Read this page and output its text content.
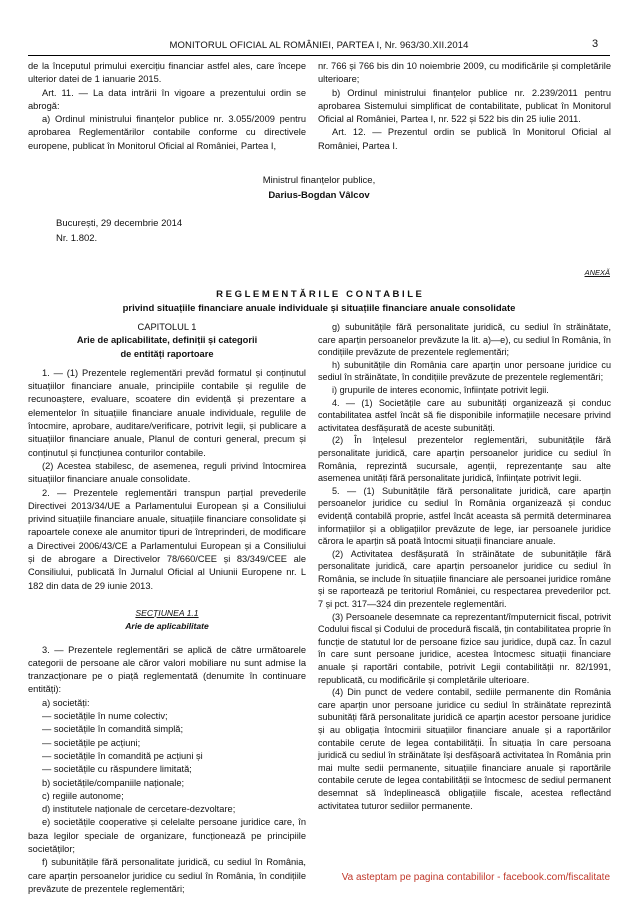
MONITORUL OFICIAL AL ROMÂNIEI, PARTEA I, Nr. 963/30.XII.2014	3

de la începutul primului exercițiu financiar astfel ales, care începe ulterior datei de 1 ianuarie 2015.

Art. 11. — La data intrării în vigoare a prezentului ordin se abrogă:

a) Ordinul ministrului finanțelor publice nr. 3.055/2009 pentru aprobarea Reglementărilor contabile conforme cu directivele europene, publicat în Monitorul Oficial al României, Partea I,

nr. 766 și 766 bis din 10 noiembrie 2009, cu modificările și completările ulterioare;

b) Ordinul ministrului finanțelor publice nr. 2.239/2011 pentru aprobarea Sistemului simplificat de contabilitate, publicat în Monitorul Oficial al României, Partea I, nr. 522 și 522 bis din 25 iulie 2011.

Art. 12. — Prezentul ordin se publică în Monitorul Oficial al României, Partea I.

Ministrul finanțelor publice,
Darius-Bogdan Vâlcov
București, 29 decembrie 2014
Nr. 1.802.
ANEXĂ
R E G L E M E N T Ă R I L E   C O N T A B I L E
privind situațiile financiare anuale individuale și situațiile financiare anuale consolidate

CAPITOLUL 1

Arie de aplicabilitate, definiții și categorii

de entități raportoare

1. — (1) Prezentele reglementări prevăd formatul și conținutul situațiilor financiare anuale, principiile contabile și regulile de recunoaștere, evaluare, scoatere din evidență și prezentare a elementelor în situațiile financiare anuale individuale, regulile de întocmire, aprobare, auditare/verificare, potrivit legii, și publicare a situațiilor financiare anuale, Planul de conturi general, precum și conținutul și funcțiunea conturilor contabile.

(2) Acestea stabilesc, de asemenea, reguli privind întocmirea situațiilor financiare anuale consolidate.

2. — Prezentele reglementări transpun parțial prevederile Directivei 2013/34/UE a Parlamentului European și a Consiliului privind situațiile financiare anuale, situațiile financiare consolidate și rapoartele conexe ale anumitor tipuri de întreprinderi, de modificare a Directivei 2006/43/CE a Parlamentului European și a Consiliului și de abrogare a Directivelor 78/660/CEE și 83/349/CEE ale Consiliului, publicată în Jurnalul Oficial al Uniunii Europene nr. L 182 din data de 29 iunie 2013.

SECȚIUNEA 1.1

Arie de aplicabilitate

3. — Prezentele reglementări se aplică de către următoarele categorii de persoane ale căror valori mobiliare nu sunt admise la tranzacționare pe o piață reglementată (denumite în continuare entități):

a) societăți:

— societățile în nume colectiv;

— societățile în comandită simplă;

— societățile pe acțiuni;

— societățile în comandită pe acțiuni și

— societățile cu răspundere limitată;

b) societățile/companiile naționale;

c) regiile autonome;

d) institutele naționale de cercetare-dezvoltare;

e) societățile cooperative și celelalte persoane juridice care, în baza legilor speciale de organizare, funcționează pe principiile societăților;

f) subunitățile fără personalitate juridică, cu sediul în România, care aparțin persoanelor juridice cu sediul în România, în condițiile prevăzute de prezentele reglementări;

g) subunitățile fără personalitate juridică, cu sediul în străinătate, care aparțin persoanelor prevăzute la lit. a)—e), cu sediul în România, în condițiile prevăzute de prezentele reglementări;

h) subunitățile din România care aparțin unor persoane juridice cu sediul în străinătate, în condițiile prevăzute de prezentele reglementări;

i) grupurile de interes economic, înființate potrivit legii.

4. — (1) Societățile care au subunități organizează și conduc contabilitatea astfel încât să fie disponibile informațiile necesare privind activitatea desfășurată de aceste subunități.

(2) În înțelesul prezentelor reglementări, subunitățile fără personalitate juridică, care aparțin persoanelor juridice cu sediul în România, reprezintă sucursale, agenții, reprezentanțe sau alte asemenea unități fără personalitate juridică, înființate potrivit legii.

5. — (1) Subunitățile fără personalitate juridică, care aparțin persoanelor juridice cu sediul în România organizează și conduc evidență contabilă proprie, astfel încât aceasta să permită determinarea informațiilor și a obligațiilor prevăzute de lege, iar persoanele juridice cărora le aparțin să poată întocmi situații financiare anuale.

(2) Activitatea desfășurată în străinătate de subunitățile fără personalitate juridică, care aparțin persoanelor juridice cu sediul în România, se include în situațiile financiare ale persoanei juridice române și se raportează pe teritoriul României, cu respectarea prevederilor pct. 7 și pct. 317—324 din prezentele reglementări.

(3) Persoanele desemnate ca reprezentant/împuternicit fiscal, potrivit Codului fiscal și Codului de procedură fiscală, țin contabilitatea proprie în funcție de statutul lor de persoane fizice sau juridice, după caz. În cazul în care sunt persoane juridice, acestea întocmesc situații financiare anuale și raportări contabile, potrivit Legii contabilității nr. 82/1991, republicată, cu modificările și completările ulterioare.

(4) Din punct de vedere contabil, sediile permanente din România care aparțin unor persoane juridice cu sediul în străinătate reprezintă subunități fără personalitate juridică ce aparțin acestor persoane juridice și au obligația întocmirii situațiilor financiare anuale și a raportărilor contabile cerute de legea contabilității. În situația în care persoana juridică cu sediul în străinătate își desfășoară activitatea în România prin mai multe sedii permanente, situațiile financiare anuale și raportările contabile cerute de legea contabilității se întocmesc de sediul permanent desemnat să îndeplinească obligațiile fiscale, acestea reflectând activitatea tuturor sediilor permanente.

Va asteptam pe pagina contabililor - facebook.com/fiscalitate
